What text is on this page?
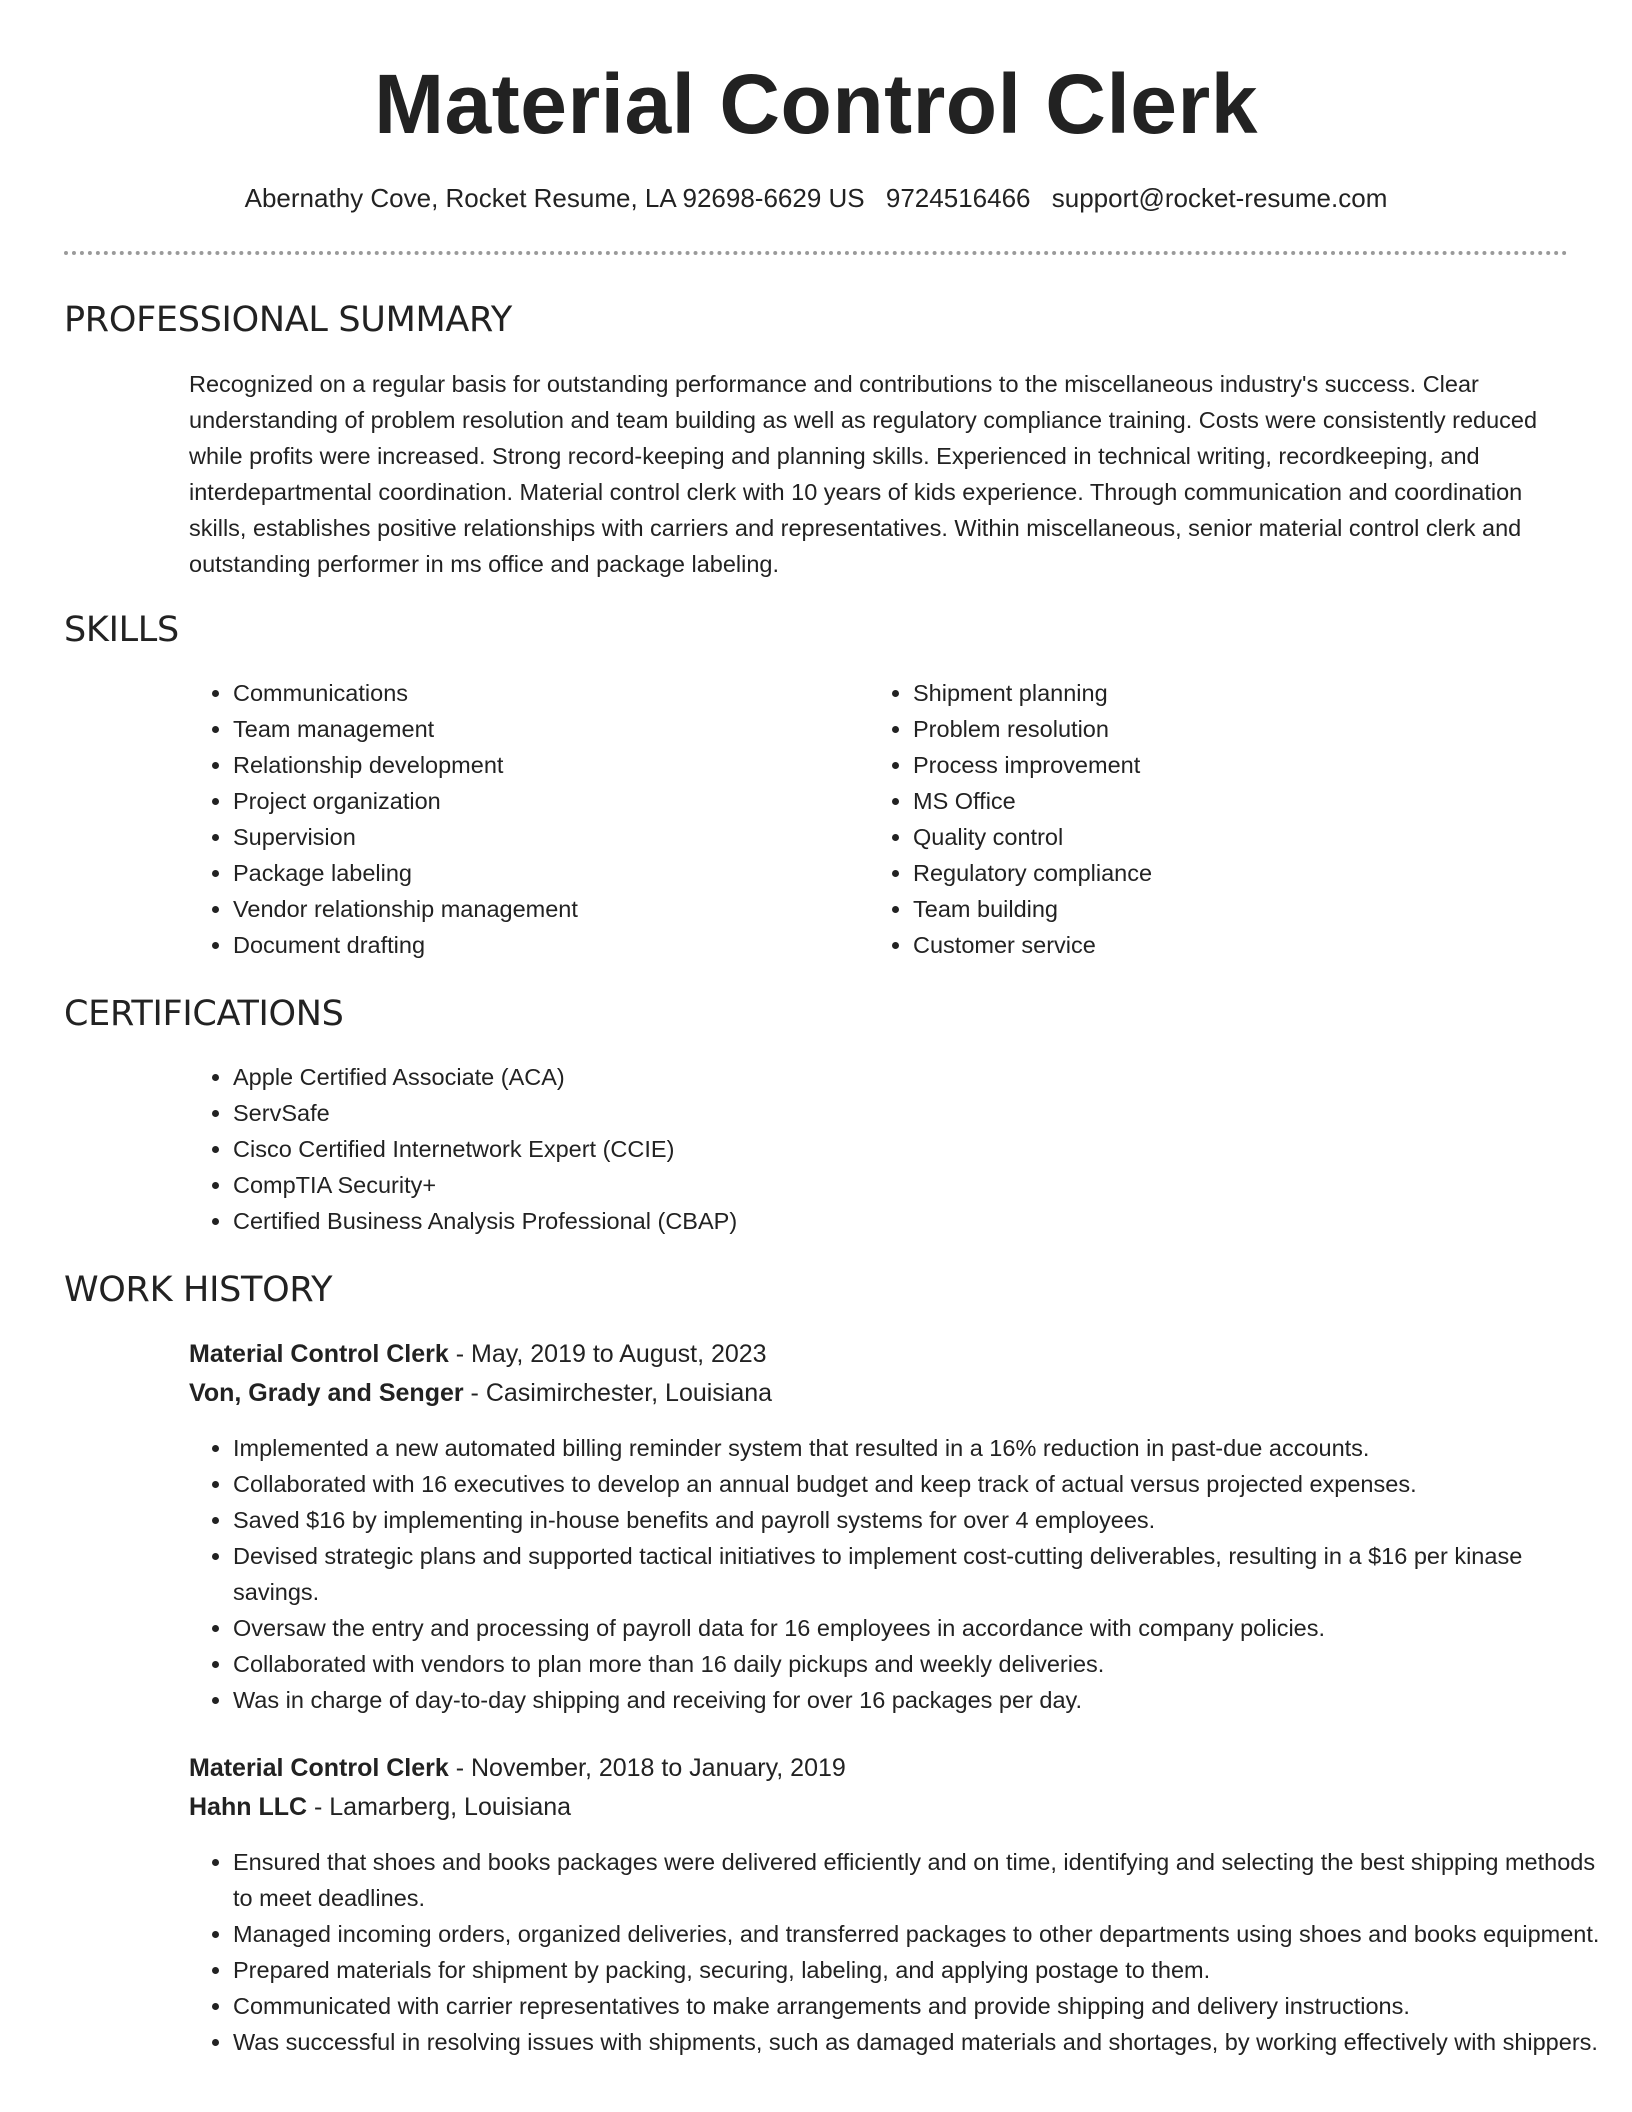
Material Control Clerk
Abernathy Cove, Rocket Resume, LA 92698-6629 US 9724516466 support@rocket-resume.com
PROFESSIONAL SUMMARY

Recognized on a regular basis for outstanding performance and contributions to the miscellaneous industry's success. Clear understanding of problem resolution and team building as well as regulatory compliance training. Costs were consistently reduced while profits were increased. Strong record-keeping and planning skills. Experienced in technical writing, recordkeeping, and interdepartmental coordination. Material control clerk with 10 years of kids experience. Through communication and coordination skills, establishes positive relationships with carriers and representatives. Within miscellaneous, senior material control clerk and outstanding performer in ms office and package labeling.

SKILLS
• Communications
• Team management
• Relationship development
• Project organization
• Supervision
• Package labeling
• Vendor relationship management
• Document drafting
• Shipment planning
• Problem resolution
• Process improvement
• MS Office
• Quality control
• Regulatory compliance
• Team building
• Customer service
CERTIFICATIONS
• Apple Certified Associate (ACA)
• ServSafe
• Cisco Certified Internetwork Expert (CCIE)
• CompTIA Security+
• Certified Business Analysis Professional (CBAP)
WORK HISTORY
Material Control Clerk - May, 2019 to August, 2023
Von, Grady and Senger - Casimirchester, Louisiana
• Implemented a new automated billing reminder system that resulted in a 16% reduction in past-due accounts.
• Collaborated with 16 executives to develop an annual budget and keep track of actual versus projected expenses.
• Saved $16 by implementing in-house benefits and payroll systems for over 4 employees.
• Devised strategic plans and supported tactical initiatives to implement cost-cutting deliverables, resulting in a $16 per kinase savings.
• Oversaw the entry and processing of payroll data for 16 employees in accordance with company policies.
• Collaborated with vendors to plan more than 16 daily pickups and weekly deliveries.
• Was in charge of day-to-day shipping and receiving for over 16 packages per day.
Material Control Clerk - November, 2018 to January, 2019
Hahn LLC - Lamarberg, Louisiana
• Ensured that shoes and books packages were delivered efficiently and on time, identifying and selecting the best shipping methods to meet deadlines.
• Managed incoming orders, organized deliveries, and transferred packages to other departments using shoes and books equipment.
• Prepared materials for shipment by packing, securing, labeling, and applying postage to them.
• Communicated with carrier representatives to make arrangements and provide shipping and delivery instructions.
• Was successful in resolving issues with shipments, such as damaged materials and shortages, by working effectively with shippers.
